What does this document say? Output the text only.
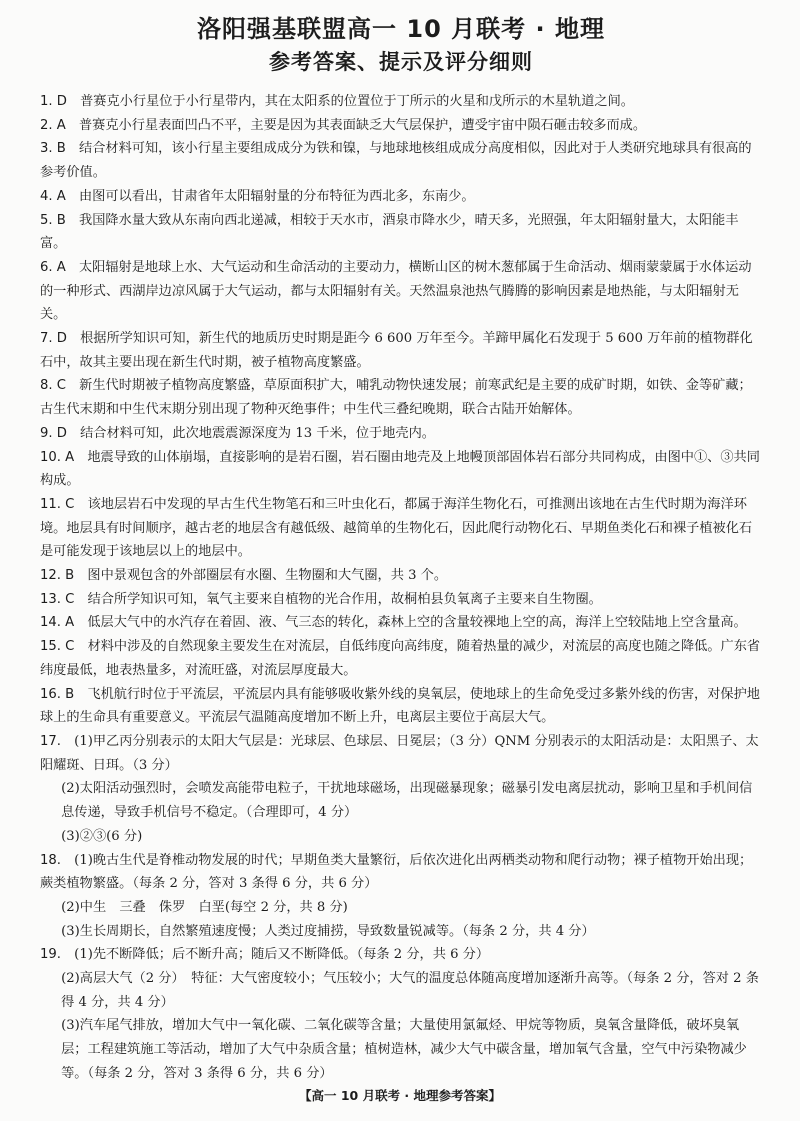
洛阳强基联盟高一 10 月联考 · 地理
参考答案、提示及评分细则
1. D　 普赛克小行星位于小行星带内，其在太阳系的位置位于丁所示的火星和戊所示的木星轨道之间。
2. A　 普赛克小行星表面凹凸不平，主要是因为其表面缺乏大气层保护，遭受宇宙中陨石砸击较多而成。
3. B　 结合材料可知，该小行星主要组成成分为铁和镍，与地球地核组成成分高度相似，因此对于人类研究地球具有很高的参考价值。
4. A　 由图可以看出，甘肃省年太阳辐射量的分布特征为西北多，东南少。
5. B　 我国降水量大致从东南向西北递减，相较于天水市，酒泉市降水少，晴天多，光照强，年太阳辐射量大，太阳能丰富。
6. A　 太阳辐射是地球上水、大气运动和生命活动的主要动力，横断山区的树木葱郁属于生命活动、烟雨蒙蒙属于水体运动的一种形式、西湖岸边凉风属于大气运动，都与太阳辐射有关。天然温泉池热气腾腾的影响因素是地热能，与太阳辐射无关。
7. D　 根据所学知识可知，新生代的地质历史时期是距今 6 600 万年至今。羊蹄甲属化石发现于 5 600 万年前的植物群化石中，故其主要出现在新生代时期，被子植物高度繁盛。
8. C　 新生代时期被子植物高度繁盛，草原面积扩大，哺乳动物快速发展；前寒武纪是主要的成矿时期，如铁、金等矿藏；古生代末期和中生代末期分别出现了物种灭绝事件；中生代三叠纪晚期，联合古陆开始解体。
9. D　 结合材料可知，此次地震震源深度为 13 千米，位于地壳内。
10. A　 地震导致的山体崩塌，直接影响的是岩石圈，岩石圈由地壳及上地幔顶部固体岩石部分共同构成，由图中①、③共同构成。
11. C　 该地层岩石中发现的早古生代生物笔石和三叶虫化石，都属于海洋生物化石，可推测出该地在古生代时期为海洋环境。地层具有时间顺序，越古老的地层含有越低级、越简单的生物化石，因此爬行动物化石、早期鱼类化石和裸子植被化石是可能发现于该地层以上的地层中。
12. B　 图中景观包含的外部圈层有水圈、生物圈和大气圈，共 3 个。
13. C　 结合所学知识可知，氧气主要来自植物的光合作用，故桐柏县负氧离子主要来自生物圈。
14. A　 低层大气中的水汽存在着固、液、气三态的转化，森林上空的含量较裸地上空的高，海洋上空较陆地上空含量高。
15. C　 材料中涉及的自然现象主要发生在对流层，自低纬度向高纬度，随着热量的减少，对流层的高度也随之降低。广东省纬度最低，地表热量多，对流旺盛，对流层厚度最大。
16. B　 飞机航行时位于平流层，平流层内具有能够吸收紫外线的臭氧层，使地球上的生命免受过多紫外线的伤害，对保护地球上的生命具有重要意义。平流层气温随高度增加不断上升，电离层主要位于高层大气。
17.　 (1)甲乙丙分别表示的太阳大气层是：光球层、色球层、日冕层；（3 分）QNM 分别表示的太阳活动是：太阳黑子、太阳耀斑、日珥。（3 分）
(2)太阳活动强烈时，会喷发高能带电粒子，干扰地球磁场，出现磁暴现象；磁暴引发电离层扰动，影响卫星和手机间信息传递，导致手机信号不稳定。（合理即可，4 分）
(3)②③(6 分)
18.　 (1)晚古生代是脊椎动物发展的时代；早期鱼类大量繁衍，后依次进化出两栖类动物和爬行动物；裸子植物开始出现；蕨类植物繁盛。（每条 2 分，答对 3 条得 6 分，共 6 分）
(2)中生　三叠　侏罗　白垩(每空 2 分，共 8 分)
(3)生长周期长，自然繁殖速度慢；人类过度捕捞，导致数量锐减等。（每条 2 分，共 4 分）
19.　 (1)先不断降低；后不断升高；随后又不断降低。（每条 2 分，共 6 分）
(2)高层大气（2 分）　特征：大气密度较小；气压较小；大气的温度总体随高度增加逐渐升高等。（每条 2 分，答对 2 条得 4 分，共 4 分）
(3)汽车尾气排放，增加大气中一氧化碳、二氧化碳等含量；大量使用氯氟烃、甲烷等物质，臭氧含量降低，破坏臭氧层；工程建筑施工等活动，增加了大气中杂质含量；植树造林，减少大气中碳含量，增加氧气含量，空气中污染物减少等。（每条 2 分，答对 3 条得 6 分，共 6 分）
【高一 10 月联考 · 地理参考答案】
